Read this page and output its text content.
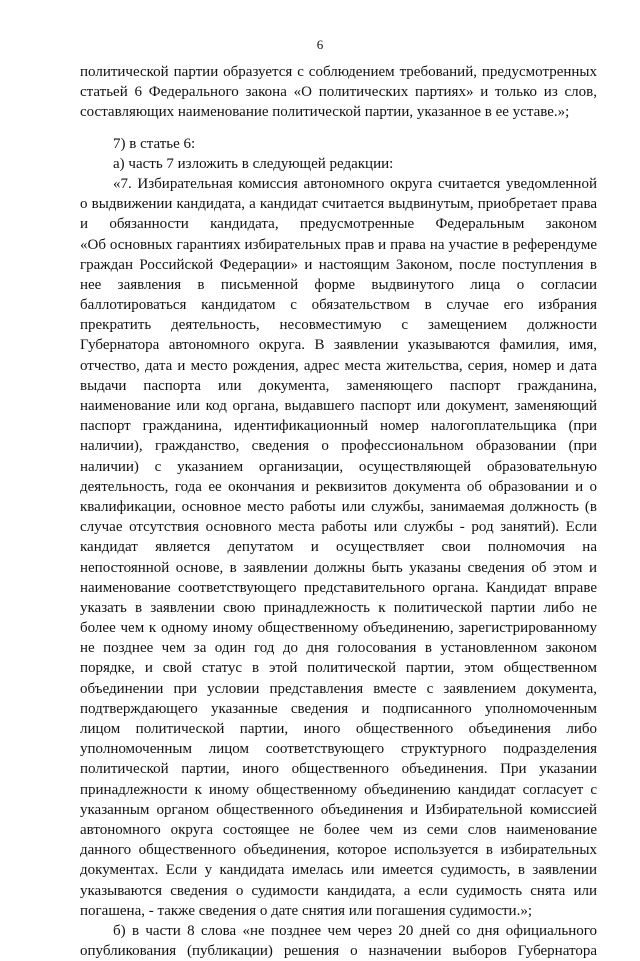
6
политической партии образуется с соблюдением требований, предусмотренных
статьей 6 Федерального закона «О политических партиях» и только из слов,
составляющих наименование политической партии, указанное в ее уставе.»;
7) в статье 6:
а) часть 7 изложить в следующей редакции:
«7. Избирательная комиссия автономного округа считается уведомленной
о выдвижении кандидата, а кандидат считается выдвинутым, приобретает права
и обязанности кандидата, предусмотренные Федеральным законом
«Об основных гарантиях избирательных прав и права на участие в референдуме
граждан Российской Федерации» и настоящим Законом, после поступления в
нее заявления в письменной форме выдвинутого лица о согласии
баллотироваться кандидатом с обязательством в случае его избрания
прекратить деятельность, несовместимую с замещением должности
Губернатора автономного округа. В заявлении указываются фамилия, имя,
отчество, дата и место рождения, адрес места жительства, серия, номер и дата
выдачи паспорта или документа, заменяющего паспорт гражданина,
наименование или код органа, выдавшего паспорт или документ, заменяющий
паспорт гражданина, идентификационный номер налогоплательщика (при
наличии), гражданство, сведения о профессиональном образовании (при
наличии) с указанием организации, осуществляющей образовательную
деятельность, года ее окончания и реквизитов документа об образовании и о
квалификации, основное место работы или службы, занимаемая должность (в
случае отсутствия основного места работы или службы - род занятий). Если
кандидат является депутатом и осуществляет свои полномочия на
непостоянной основе, в заявлении должны быть указаны сведения об этом и
наименование соответствующего представительного органа. Кандидат вправе
указать в заявлении свою принадлежность к политической партии либо не
более чем к одному иному общественному объединению, зарегистрированному
не позднее чем за один год до дня голосования в установленном законом
порядке, и свой статус в этой политической партии, этом общественном
объединении при условии представления вместе с заявлением документа,
подтверждающего указанные сведения и подписанного уполномоченным
лицом политической партии, иного общественного объединения либо
уполномоченным лицом соответствующего структурного подразделения
политической партии, иного общественного объединения. При указании
принадлежности к иному общественному объединению кандидат согласует с
указанным органом общественного объединения и Избирательной комиссией
автономного округа состоящее не более чем из семи слов наименование
данного общественного объединения, которое используется в избирательных
документах. Если у кандидата имелась или имеется судимость, в заявлении
указываются сведения о судимости кандидата, а если судимость снята или
погашена, - также сведения о дате снятия или погашения судимости.»;
б) в части 8 слова «не позднее чем через 20 дней со дня официального
опубликования (публикации) решения о назначении выборов Губернатора
